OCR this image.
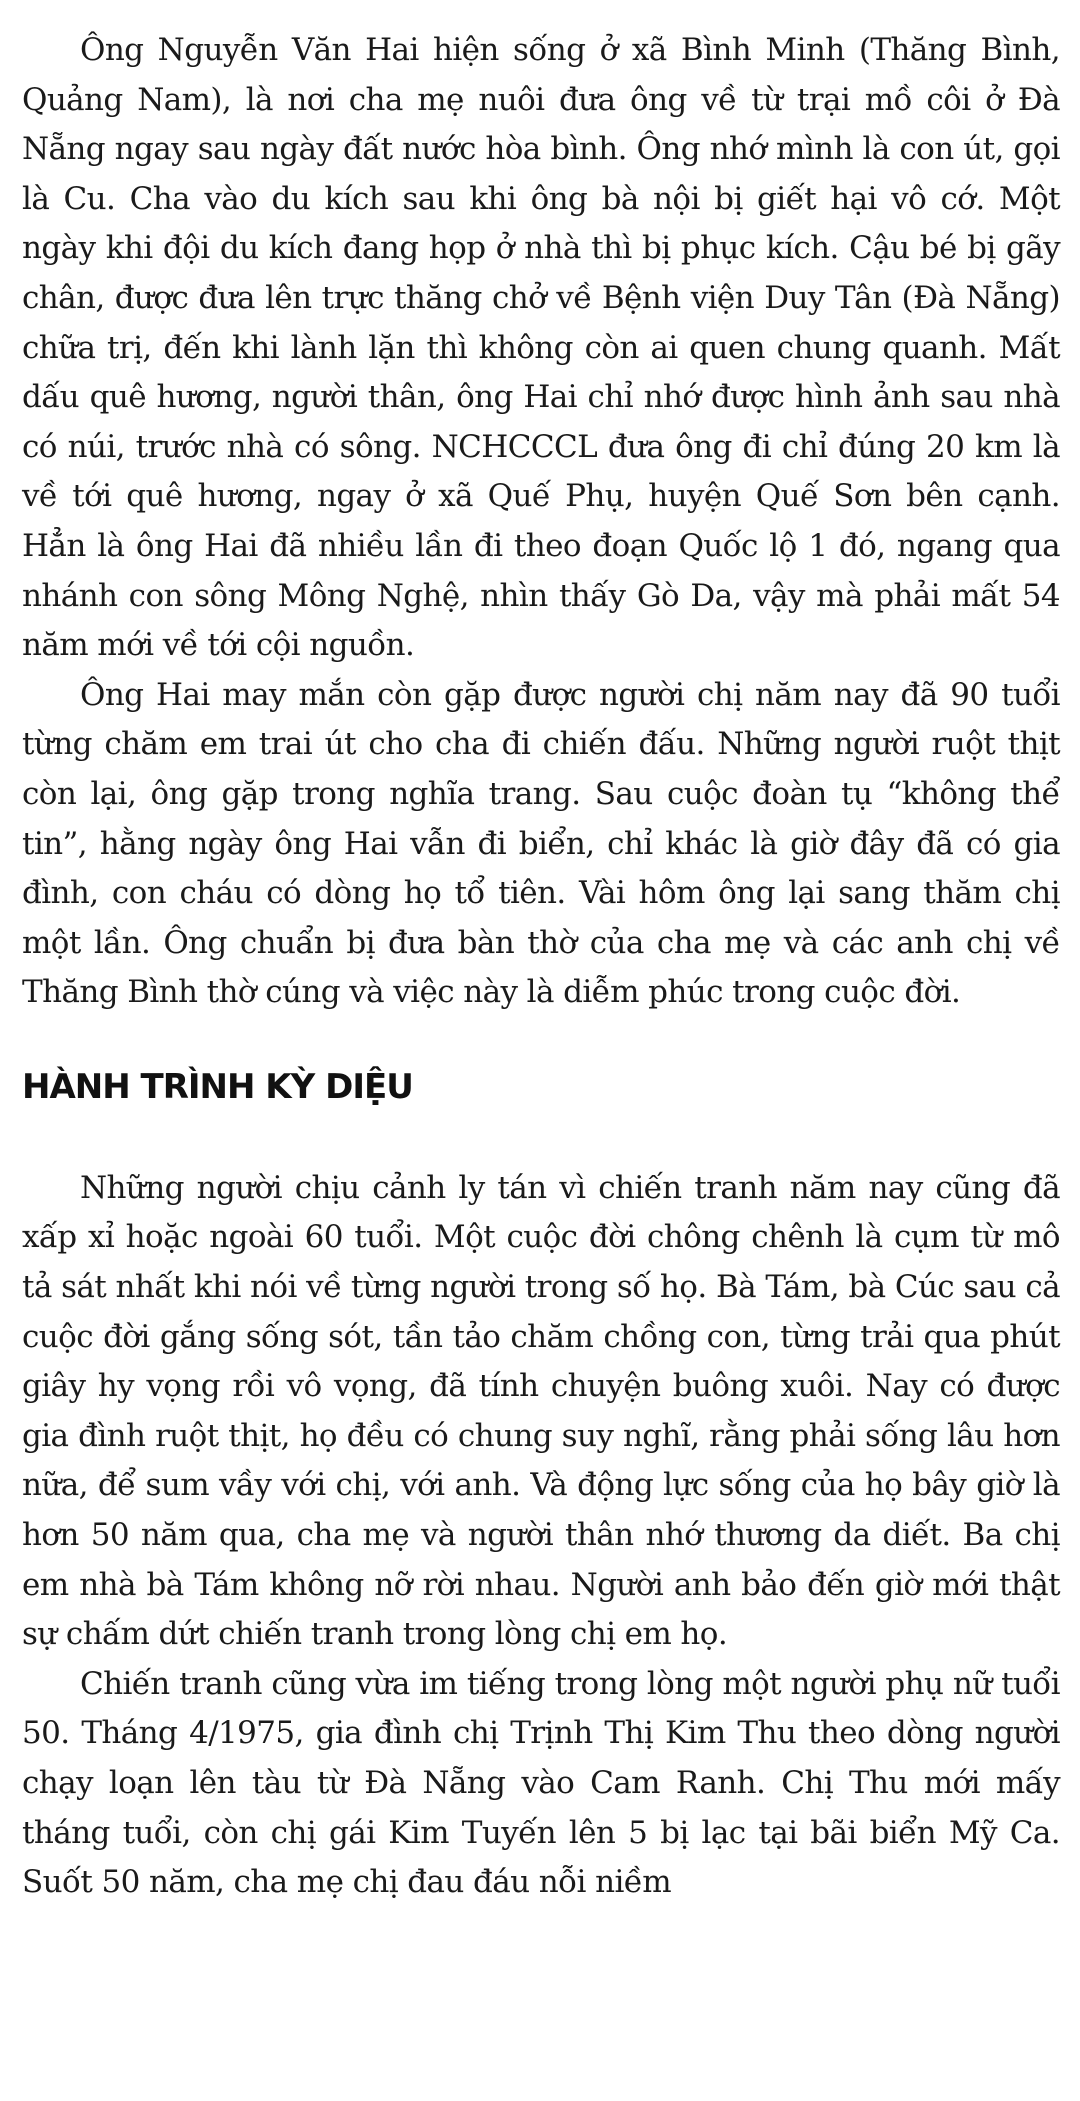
Ông Nguyễn Văn Hai hiện sống ở xã Bình Minh (Thăng Bình, Quảng Nam), là nơi cha mẹ nuôi đưa ông về từ trại mồ côi ở Đà Nẵng ngay sau ngày đất nước hòa bình. Ông nhớ mình là con út, gọi là Cu. Cha vào du kích sau khi ông bà nội bị giết hại vô cớ. Một ngày khi đội du kích đang họp ở nhà thì bị phục kích. Cậu bé bị gãy chân, được đưa lên trực thăng chở về Bệnh viện Duy Tân (Đà Nẵng) chữa trị, đến khi lành lặn thì không còn ai quen chung quanh. Mất dấu quê hương, người thân, ông Hai chỉ nhớ được hình ảnh sau nhà có núi, trước nhà có sông. NCHCCCL đưa ông đi chỉ đúng 20 km là về tới quê hương, ngay ở xã Quế Phụ, huyện Quế Sơn bên cạnh. Hẳn là ông Hai đã nhiều lần đi theo đoạn Quốc lộ 1 đó, ngang qua nhánh con sông Mông Nghệ, nhìn thấy Gò Da, vậy mà phải mất 54 năm mới về tới cội nguồn.

Ông Hai may mắn còn gặp được người chị năm nay đã 90 tuổi từng chăm em trai út cho cha đi chiến đấu. Những người ruột thịt còn lại, ông gặp trong nghĩa trang. Sau cuộc đoàn tụ “không thể tin”, hằng ngày ông Hai vẫn đi biển, chỉ khác là giờ đây đã có gia đình, con cháu có dòng họ tổ tiên. Vài hôm ông lại sang thăm chị một lần. Ông chuẩn bị đưa bàn thờ của cha mẹ và các anh chị về Thăng Bình thờ cúng và việc này là diễm phúc trong cuộc đời.

HÀNH TRÌNH KỲ DIỆU

Những người chịu cảnh ly tán vì chiến tranh năm nay cũng đã xấp xỉ hoặc ngoài 60 tuổi. Một cuộc đời chông chênh là cụm từ mô tả sát nhất khi nói về từng người trong số họ. Bà Tám, bà Cúc sau cả cuộc đời gắng sống sót, tần tảo chăm chồng con, từng trải qua phút giây hy vọng rồi vô vọng, đã tính chuyện buông xuôi. Nay có được gia đình ruột thịt, họ đều có chung suy nghĩ, rằng phải sống lâu hơn nữa, để sum vầy với chị, với anh. Và động lực sống của họ bây giờ là hơn 50 năm qua, cha mẹ và người thân nhớ thương da diết. Ba chị em nhà bà Tám không nỡ rời nhau. Người anh bảo đến giờ mới thật sự chấm dứt chiến tranh trong lòng chị em họ.

Chiến tranh cũng vừa im tiếng trong lòng một người phụ nữ tuổi 50. Tháng 4/1975, gia đình chị Trịnh Thị Kim Thu theo dòng người chạy loạn lên tàu từ Đà Nẵng vào Cam Ranh. Chị Thu mới mấy tháng tuổi, còn chị gái Kim Tuyến lên 5 bị lạc tại bãi biển Mỹ Ca. Suốt 50 năm, cha mẹ chị đau đáu nỗi niềm
